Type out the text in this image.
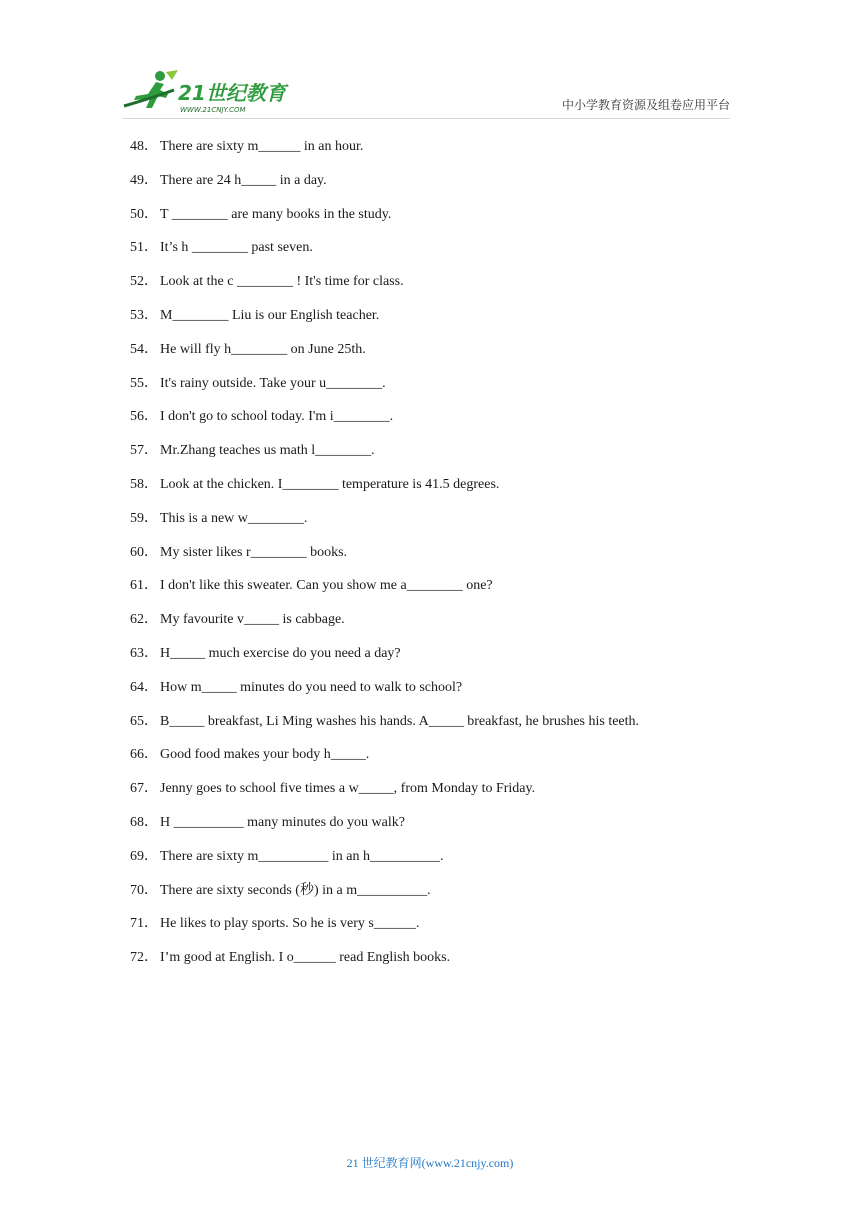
21世纪教育
WWW.21CNJY.COM	中小学教育资源及组卷应用平台
48． There are sixty m______ in an hour.
49． There are 24 h_____ in a day.
50． T ________ are many books in the study.
51． It’s h ________ past seven.
52． Look at the c ________ ! It's time for class.
53． M________ Liu is our English teacher.
54． He will fly h________ on June 25th.
55． It's rainy outside. Take your u________.
56． I don't go to school today. I'm i________.
57． Mr.Zhang teaches us math l________.
58． Look at the chicken. I________ temperature is 41.5 degrees.
59． This is a new w________.
60． My sister likes r________ books.
61． I don't like this sweater. Can you show me a________ one?
62． My favourite v_____ is cabbage.
63． H_____ much exercise do you need a day?
64． How m_____ minutes do you need to walk to school?
65． B_____ breakfast, Li Ming washes his hands. A_____ breakfast, he brushes his teeth.
66． Good food makes your body h_____.
67． Jenny goes to school five times a w_____, from Monday to Friday.
68． H __________ many minutes do you walk?
69． There are sixty m__________ in an h__________.
70． There are sixty seconds (秒) in a m__________.
71． He likes to play sports. So he is very s______.
72． I’m good at English. I o______ read English books.
21 世纪教育网(www.21cnjy.com)
